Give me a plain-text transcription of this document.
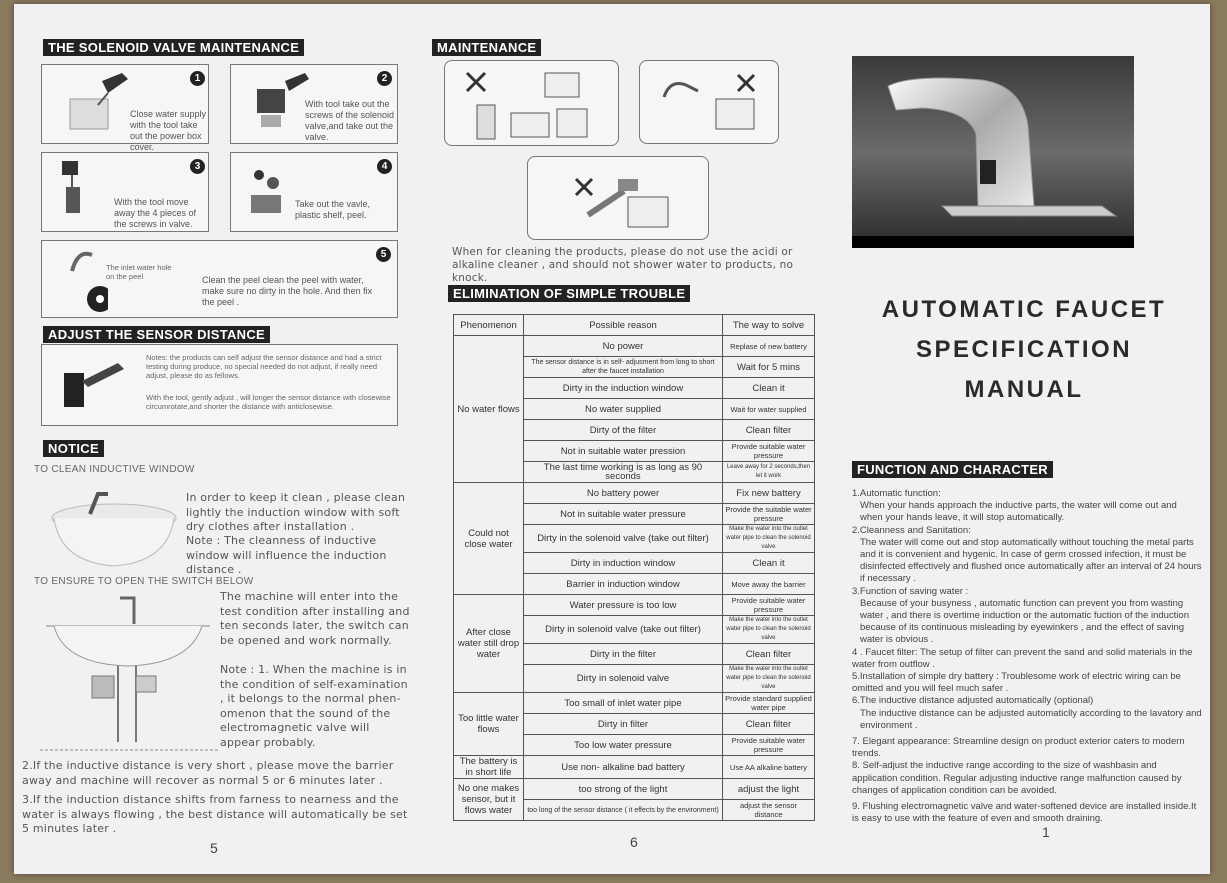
THE SOLENOID VALVE MAINTENANCE
1
Close water supply with the tool take out the power box cover.
2
With tool take out the screws of the solenoid valve,and take out the valve.
3
With the tool move away the 4 pieces of the screws in valve.
4
Take out the vavle, plastic shelf, peel.
The inlet water hole on the peel
5
Clean the peel clean the peel with water, make sure no dirty in the hole. And then fix the peel .
ADJUST THE SENSOR DISTANCE
Notes: the products can self adjust the sensor distance and had a strict testing during produce, no special needed do not adjust, if really need adjust, please do as fellows.
With the tool, gently adjust , will longer the sensor distance with closewise circumrotate,and shorter the distance with anticlosewise.
NOTICE
TO CLEAN INDUCTIVE WINDOW
In order to keep it clean , please clean lightly the induction window with soft dry clothes after installation .
Note : The cleanness of inductive window will influence the induction distance .
TO ENSURE TO OPEN THE SWITCH BELOW
The machine will enter into the test condition after installing and ten seconds later, the switch can be opened and work normally.
Note : 1. When the machine is in the condition of self-examination , it belongs to the normal phen-omenon that the sound of the electromagnetic valve will appear probably.
2.If the inductive distance is very short , please move the barrier away and machine will recover as normal 5 or 6 minutes later .
3.If the induction distance shifts from farness to nearness and the water is always flowing , the best distance will automatically be set 5 minutes later .
5
MAINTENANCE
When for cleaning the products, please do not use the acidi or alkaline cleaner , and should not shower water to products, no knock.
ELIMINATION OF SIMPLE TROUBLE
Phenomenon	Possible reason	The way to solve
No water flows	No power	Replase of new battery
	The sensor distance is in self- adjusment from long to short after the faucet installation	Wait for 5 mins
	Dirty in the induction window	Clean it
	No water supplied	Wait for water supplied
	Dirty of the filter	Clean filter
	Not in suitable water pression	Provide suitable water pressure
	The last time working is as long as 90 seconds	Leave away for 2 seconds,then let it work
Could not close water	No battery power	Fix new battery
	Not in suitable water pressure	Provide the suitable water pressure
	Dirty in the solenoid valve (take out filter)	Make the water into the outlet water pipe to clean the solenoid valve
	Dirty in induction window	Clean it
	Barrier in induction window	Move away the barrier
After close water still drop water	Water pressure is too low	Provide suitable water pressure
	Dirty in solenoid valve (take out filter)	Make the water into the outlet water pipe to clean the solenoid valve
	Dirty in the filter	Clean filter
	Dirty in solenoid valve	Make the water into the outlet water pipe to clean the solenoid valve
Too little water flows	Too small of inlet water pipe	Provide standard supplied water pipe
	Dirty in filter	Clean filter
	Too low water pressure	Provide suitable water pressure
The battery is in short life	Use non- alkaline bad battery	Use AA alkaline battery
No one makes sensor, but it flows water	too strong of the light	adjust the light
	too long of the sensor distance ( it effects by the environment)	adjust the sensor distance
6
AUTOMATIC FAUCET
SPECIFICATION
MANUAL
FUNCTION AND CHARACTER

1.Automatic function:

When your hands approach the inductive parts, the water will come out and when your hands leave, it will stop automatically.

2.Cleanness and Sanitation:

The water will come out and stop automatically without touching the metal parts and it is convenient and hygenic. In case of germ crossed infection, it must be disinfected effectively and flushed once automatically after an interval of 24 hours if necessary .

3.Function of saving water :

Because of your busyness , automatic function can prevent you from wasting water , and there is overtime induction or the automatic fuction of the induction because of its continuous misleading by eyewinkers , and the effect of saving water is obvious .

4 . Faucet filter: The setup of filter can prevent the sand and solid materials in the water from outflow .

5.Installation of simple dry battery : Troublesome work of electric wiring can be omitted and you will feel much safer .

6.The inductive distance adjusted automatically (optional)

The inductive distance can be adjusted automaticlly according to the lavatory and environment .

7. Elegant appearance: Streamline design on product exterior caters to modern trends.

8. Self-adjust the inductive range according to the size of washbasin and application condition. Regular adjusting inductive range malfunction caused by changes of application condition can be avoided.

9. Flushing electromagnetic valve and water-softened device are installed inside.It is easy to use with the feature of even and smooth draining.

1
